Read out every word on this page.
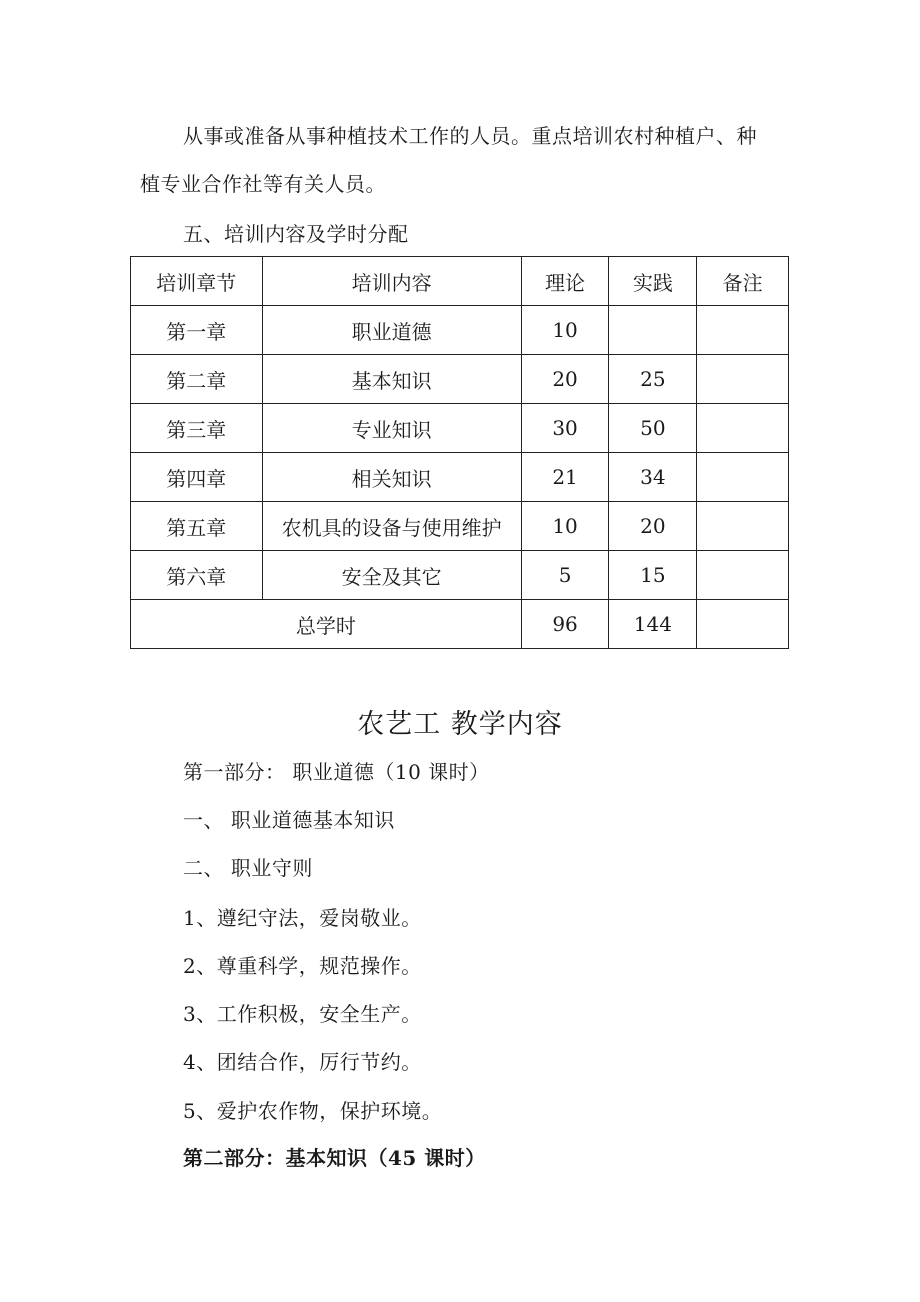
从事或准备从事种植技术工作的人员。重点培训农村种植户、种
植专业合作社等有关人员。
五、培训内容及学时分配
培训章节	培训内容	理论	实践	备注
第一章	职业道德	10		
第二章	基本知识	20	25	
第三章	专业知识	30	50	
第四章	相关知识	21	34	
第五章	农机具的设备与使用维护	10	20	
第六章	安全及其它	5	15	
总学时		96	144	
农艺工 教学内容
第一部分： 职业道德（10 课时）
一、 职业道德基本知识
二、 职业守则
1、遵纪守法，爱岗敬业。
2、尊重科学，规范操作。
3、工作积极，安全生产。
4、团结合作，厉行节约。
5、爱护农作物，保护环境。
第二部分：基本知识（45 课时）
